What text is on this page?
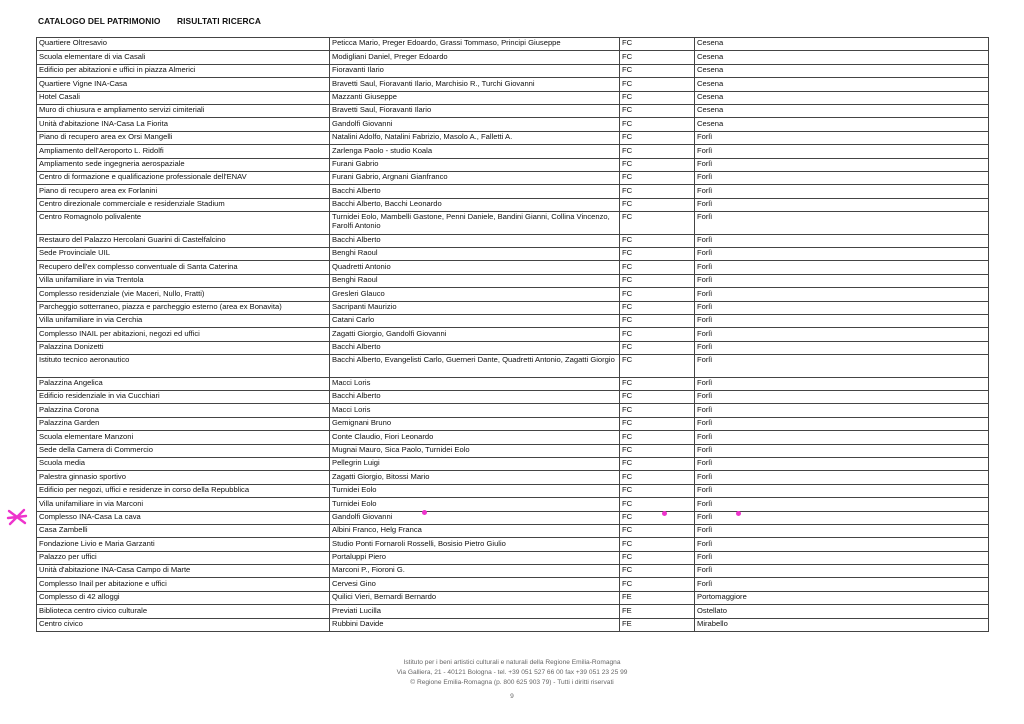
CATALOGO DEL PATRIMONIO RISULTATI RICERCA
Quartiere Oltresavio	Peticca Mario, Preger Edoardo, Grassi Tommaso, Principi Giuseppe	FC	Cesena
Scuola elementare di via Casali	Modigliani Daniel, Preger Edoardo	FC	Cesena
Edificio per abitazioni e uffici in piazza Almerici	Fioravanti Ilario	FC	Cesena
Quartiere Vigne INA-Casa	Bravetti Saul, Fioravanti Ilario, Marchisio R., Turchi Giovanni	FC	Cesena
Hotel Casali	Mazzanti Giuseppe	FC	Cesena
Muro di chiusura e ampliamento servizi cimiteriali	Bravetti Saul, Fioravanti Ilario	FC	Cesena
Unità d'abitazione INA-Casa La Fiorita	Gandolfi Giovanni	FC	Cesena
Piano di recupero area ex Orsi Mangelli	Natalini Adolfo, Natalini Fabrizio, Masolo A., Falletti A.	FC	Forlì
Ampliamento dell'Aeroporto L. Ridolfi	Zarlenga Paolo - studio Koala	FC	Forlì
Ampliamento sede ingegneria aerospaziale	Furani Gabrio	FC	Forlì
Centro di formazione e qualificazione professionale dell'ENAV	Furani Gabrio, Argnani Gianfranco	FC	Forlì
Piano di recupero area ex Forlanini	Bacchi Alberto	FC	Forlì
Centro direzionale commerciale e residenziale Stadium	Bacchi Alberto, Bacchi Leonardo	FC	Forlì
Centro Romagnolo polivalente	Turnidei Eolo, Mambelli Gastone, Penni Daniele, Bandini Gianni, Collina Vincenzo, Farolfi Antonio	FC	Forlì
Restauro del Palazzo Hercolani Guarini di Castelfalcino	Bacchi Alberto	FC	Forlì
Sede Provinciale UIL	Benghi Raoul	FC	Forlì
Recupero dell'ex complesso conventuale di Santa Caterina	Quadretti Antonio	FC	Forlì
Villa unifamiliare in via Trentola	Benghi Raoul	FC	Forlì
Complesso residenziale (vie Maceri, Nullo, Fratti)	Gresleri Glauco	FC	Forlì
Parcheggio sotterraneo, piazza e parcheggio esterno (area ex Bonavita)	Sacripanti Maurizio	FC	Forlì
Villa unifamiliare in via Cerchia	Catani Carlo	FC	Forlì
Complesso INAIL per abitazioni, negozi ed uffici	Zagatti Giorgio, Gandolfi Giovanni	FC	Forlì
Palazzina Donizetti	Bacchi Alberto	FC	Forlì
Istituto tecnico aeronautico	Bacchi Alberto, Evangelisti Carlo, Guerneri Dante, Quadretti Antonio, Zagatti Giorgio	FC	Forlì
Palazzina Angelica	Macci Loris	FC	Forlì
Edificio residenziale in via Cucchiari	Bacchi Alberto	FC	Forlì
Palazzina Corona	Macci Loris	FC	Forlì
Palazzina Garden	Gemignani Bruno	FC	Forlì
Scuola elementare Manzoni	Conte Claudio, Fiori Leonardo	FC	Forlì
Sede della Camera di Commercio	Mugnai Mauro, Sica Paolo, Turnidei Eolo	FC	Forlì
Scuola media	Pellegrin Luigi	FC	Forlì
Palestra ginnasio sportivo	Zagatti Giorgio, Bitossi Mario	FC	Forlì
Edificio per negozi, uffici e residenze in corso della Repubblica	Turnidei Eolo	FC	Forlì
Villa unifamiliare in via Marconi	Turnidei Eolo	FC	Forlì
Complesso INA-Casa La cava	Gandolfi Giovanni	FC	Forlì
Casa Zambelli	Albini Franco, Helg Franca	FC	Forlì
Fondazione Livio e Maria Garzanti	Studio Ponti Fornaroli Rosselli, Bosisio Pietro Giulio	FC	Forlì
Palazzo per uffici	Portaluppi Piero	FC	Forlì
Unità d'abitazione INA-Casa Campo di Marte	Marconi P., Fioroni G.	FC	Forlì
Complesso Inail per abitazione e uffici	Cervesi Gino	FC	Forlì
Complesso di 42 alloggi	Quilici Vieri, Bernardi Bernardo	FE	Portomaggiore
Biblioteca centro civico culturale	Previati Lucilla	FE	Ostellato
Centro civico	Rubbini Davide	FE	Mirabello
Istituto per i beni artistici culturali e naturali della Regione Emilia-Romagna
Via Galliera, 21 - 40121 Bologna - tel. +39 051 527 66 00 fax +39 051 23 25 99
© Regione Emilia-Romagna (p. 800 625 903 79) - Tutti i diritti riservati
9
